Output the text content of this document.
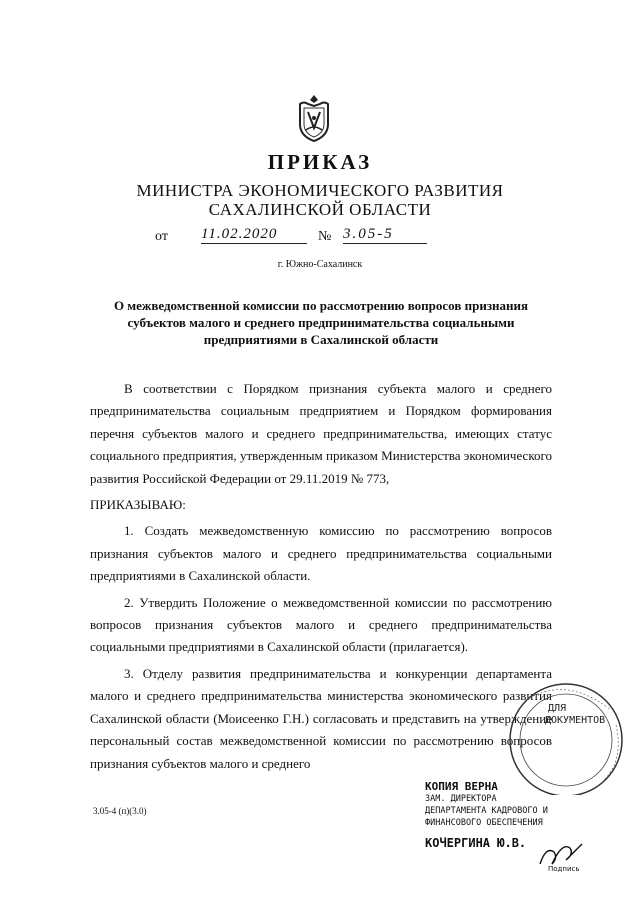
ПРИКАЗ
МИНИСТРА ЭКОНОМИЧЕСКОГО РАЗВИТИЯ
САХАЛИНСКОЙ ОБЛАСТИ
от 11.02.2020	№ 3.05-5
г. Южно-Сахалинск
О межведомственной комиссии по рассмотрению вопросов признания субъектов малого и среднего предпринимательства социальными предприятиями в Сахалинской области

В соответствии с Порядком признания субъекта малого и среднего предпринимательства социальным предприятием и Порядком формирования перечня субъектов малого и среднего предпринимательства, имеющих статус социального предприятия, утвержденным приказом Министерства экономического развития Российской Федерации от 29.11.2019 № 773,

ПРИКАЗЫВАЮ:

1. Создать межведомственную комиссию по рассмотрению вопросов признания субъектов малого и среднего предпринимательства социальными предприятиями в Сахалинской области.

2. Утвердить Положение о межведомственной комиссии по рассмотрению вопросов признания субъектов малого и среднего предпринимательства социальными предприятиями в Сахалинской области (прилагается).

3. Отделу развития предпринимательства и конкуренции департамента малого и среднего предпринимательства министерства экономического развития Сахалинской области (Моисеенко Г.Н.) согласовать и представить на утверждение персональный состав межведомственной комиссии по рассмотрению вопросов признания субъектов малого и среднего

3.05-4 (п)(3.0)
ДЛЯ
ДОКУМЕНТОВ
КОПИЯ ВЕРНА
ЗАМ. ДИРЕКТОРА
ДЕПАРТАМЕНТА КАДРОВОГО И
ФИНАНСОВОГО ОБЕСПЕЧЕНИЯ
КОЧЕРГИНА Ю.В.
Подпись
